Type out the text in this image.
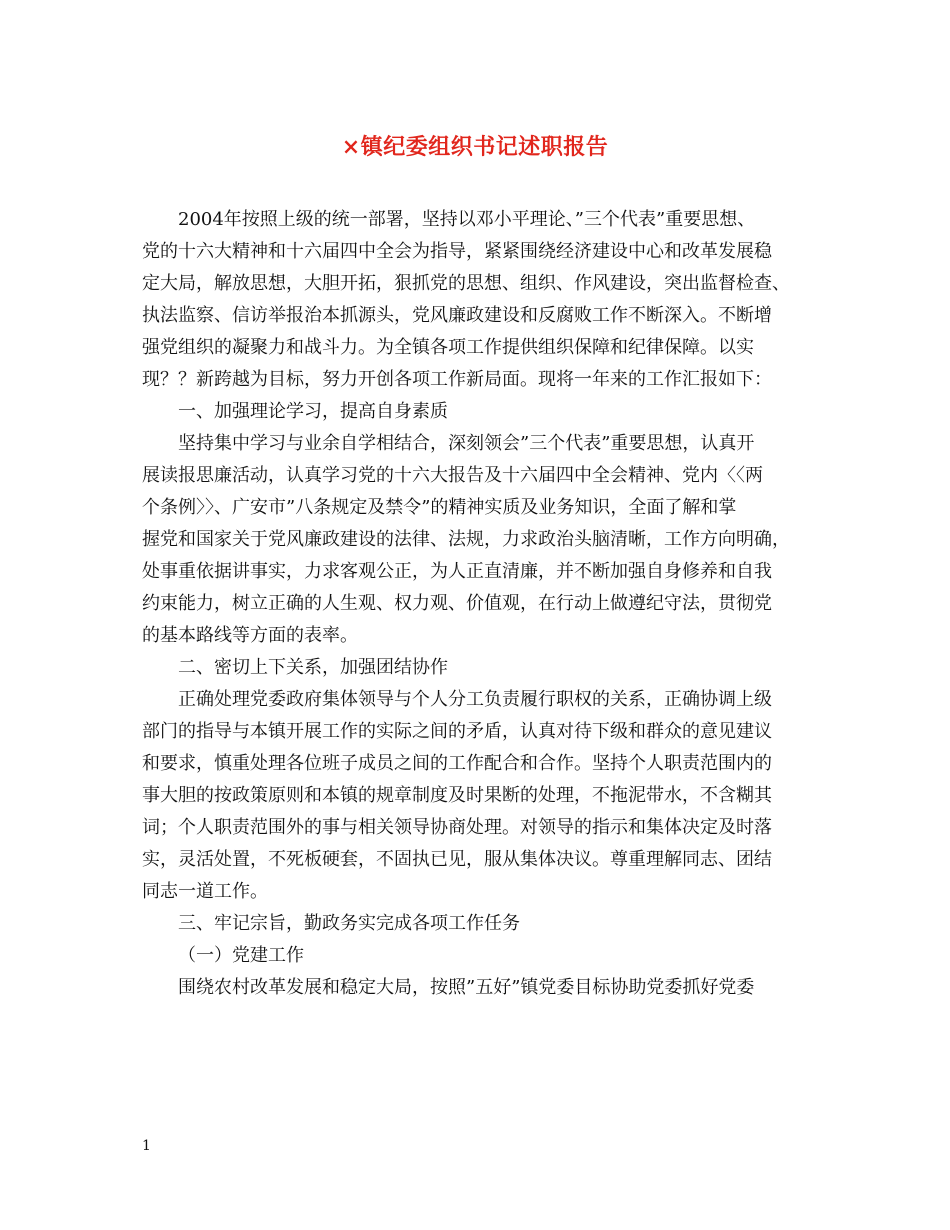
×镇纪委组织书记述职报告
2004年按照上级的统一部署，坚持以邓小平理论、”三个代表”重要思想、
党的十六大精神和十六届四中全会为指导，紧紧围绕经济建设中心和改革发展稳
定大局，解放思想，大胆开拓，狠抓党的思想、组织、作风建设，突出监督检查、
执法监察、信访举报治本抓源头，党风廉政建设和反腐败工作不断深入。不断增
强党组织的凝聚力和战斗力。为全镇各项工作提供组织保障和纪律保障。以实
现？？新跨越为目标，努力开创各项工作新局面。现将一年来的工作汇报如下：
一、加强理论学习，提高自身素质
坚持集中学习与业余自学相结合，深刻领会”三个代表”重要思想，认真开
展读报思廉活动，认真学习党的十六大报告及十六届四中全会精神、党内〈〈两
个条例〉〉、广安市”八条规定及禁令”的精神实质及业务知识，全面了解和掌
握党和国家关于党风廉政建设的法律、法规，力求政治头脑清晰，工作方向明确，
处事重依据讲事实，力求客观公正，为人正直清廉，并不断加强自身修养和自我
约束能力，树立正确的人生观、权力观、价值观，在行动上做遵纪守法，贯彻党
的基本路线等方面的表率。
二、密切上下关系，加强团结协作
正确处理党委政府集体领导与个人分工负责履行职权的关系，正确协调上级
部门的指导与本镇开展工作的实际之间的矛盾，认真对待下级和群众的意见建议
和要求，慎重处理各位班子成员之间的工作配合和合作。坚持个人职责范围内的
事大胆的按政策原则和本镇的规章制度及时果断的处理，不拖泥带水，不含糊其
词；个人职责范围外的事与相关领导协商处理。对领导的指示和集体决定及时落
实，灵活处置，不死板硬套，不固执已见，服从集体决议。尊重理解同志、团结
同志一道工作。
三、牢记宗旨，勤政务实完成各项工作任务
（一）党建工作
围绕农村改革发展和稳定大局，按照”五好”镇党委目标协助党委抓好党委
1
